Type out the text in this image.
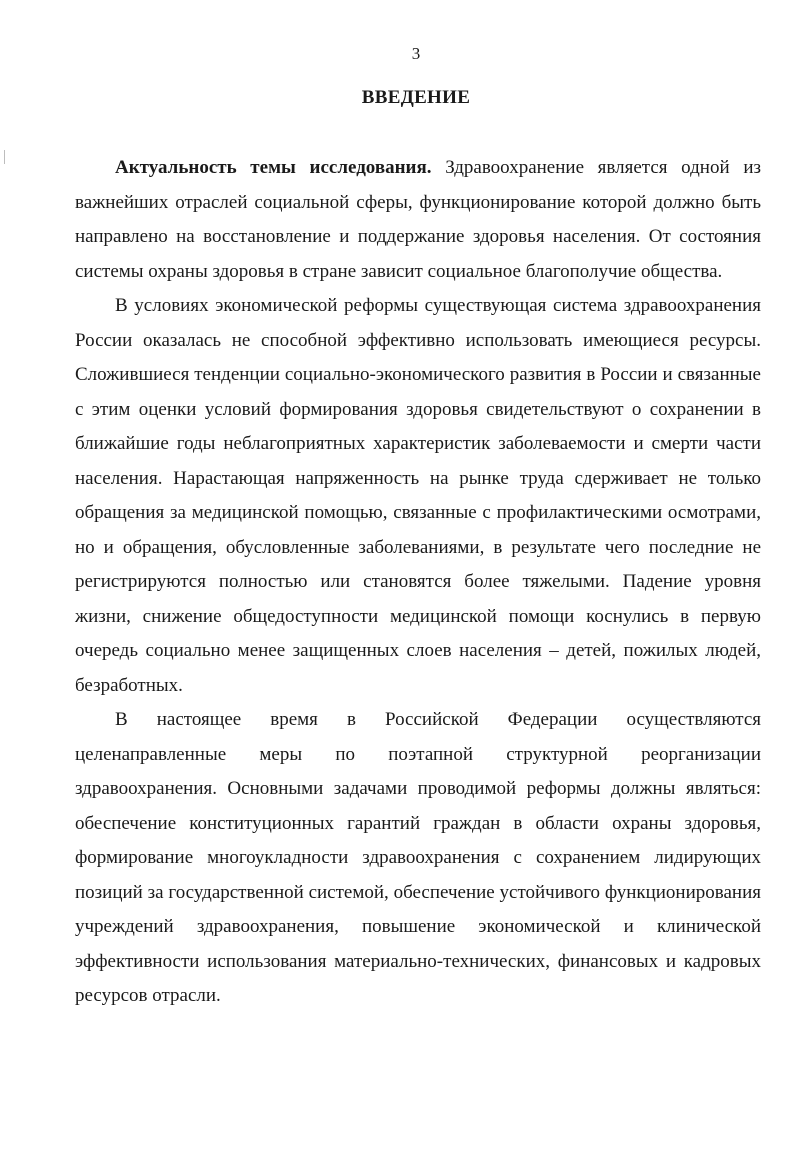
3
ВВЕДЕНИЕ

Актуальность темы исследования. Здравоохранение является одной из важнейших отраслей социальной сферы, функционирование которой должно быть направлено на восстановление и поддержание здоровья населения. От состояния системы охраны здоровья в стране зависит социальное благополучие общества.

В условиях экономической реформы существующая система здравоохранения России оказалась не способной эффективно использовать имеющиеся ресурсы. Сложившиеся тенденции социально-экономического развития в России и связанные с этим оценки условий формирования здоровья свидетельствуют о сохранении в ближайшие годы неблагоприятных характеристик заболеваемости и смерти части населения. Нарастающая напряженность на рынке труда сдерживает не только обращения за медицинской помощью, связанные с профилактическими осмотрами, но и обращения, обусловленные заболеваниями, в результате чего последние не регистрируются полностью или становятся более тяжелыми. Падение уровня жизни, снижение общедоступности медицинской помощи коснулись в первую очередь социально менее защищенных слоев населения – детей, пожилых людей, безработных.

В настоящее время в Российской Федерации осуществляются целенаправленные меры по поэтапной структурной реорганизации здравоохранения. Основными задачами проводимой реформы должны являться: обеспечение конституционных гарантий граждан в области охраны здоровья, формирование многоукладности здравоохранения с сохранением лидирующих позиций за государственной системой, обеспечение устойчивого функционирования учреждений здравоохранения, повышение экономической и клинической эффективности использования материально-технических, финансовых и кадровых ресурсов отрасли.
